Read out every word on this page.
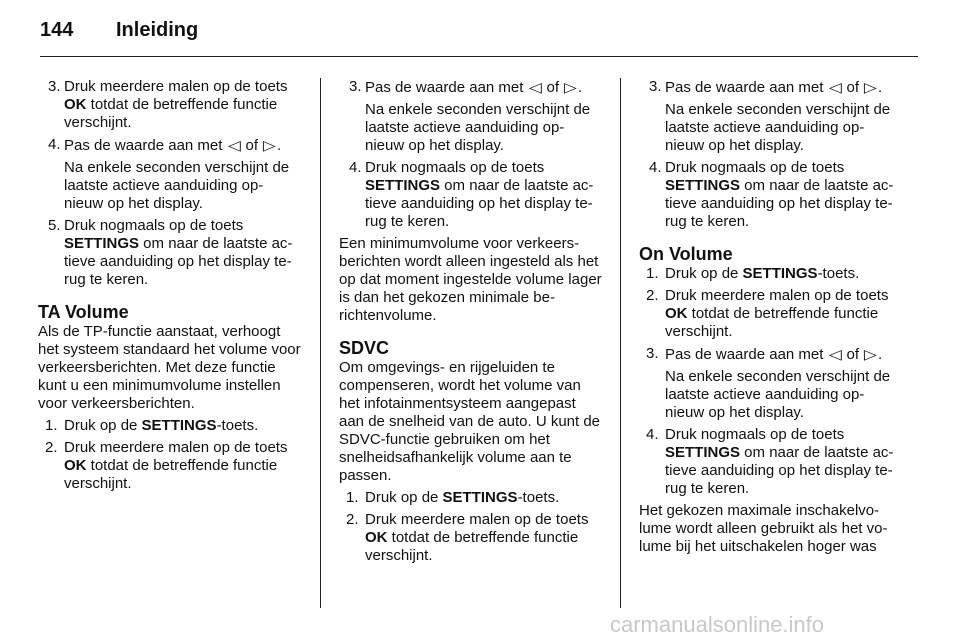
144 Inleiding
3. Druk meerdere malen op de toets OK totdat de betreffende functie verschijnt.

4. Pas de waarde aan met ◁ of ▷.

Na enkele seconden verschijnt de laatste actieve aanduiding op-nieuw op het display.

5. Druk nogmaals op de toets SETTINGS om naar de laatste ac-tieve aanduiding op het display te-rug te keren.

TA Volume

Als de TP-functie aanstaat, verhoogt het systeem standaard het volume voor verkeersberichten. Met deze functie kunt u een minimumvolume instellen voor verkeersberichten.

1. Druk op de SETTINGS-toets.

2. Druk meerdere malen op de toets OK totdat de betreffende functie verschijnt.

3. Pas de waarde aan met ◁ of ▷.

Na enkele seconden verschijnt de laatste actieve aanduiding op-nieuw op het display.

4. Druk nogmaals op de toets SETTINGS om naar de laatste ac-tieve aanduiding op het display te-rug te keren.

Een minimumvolume voor verkeers-berichten wordt alleen ingesteld als het op dat moment ingestelde volume lager is dan het gekozen minimale be-richtenvolume.

SDVC

Om omgevings- en rijgeluiden te compenseren, wordt het volume van het infotainmentsysteem aangepast aan de snelheid van de auto. U kunt de SDVC-functie gebruiken om het snelheidsafhankelijk volume aan te passen.

1. Druk op de SETTINGS-toets.

2. Druk meerdere malen op de toets OK totdat de betreffende functie verschijnt.

3. Pas de waarde aan met ◁ of ▷.

Na enkele seconden verschijnt de laatste actieve aanduiding op-nieuw op het display.

4. Druk nogmaals op de toets SETTINGS om naar de laatste ac-tieve aanduiding op het display te-rug te keren.

On Volume
1. Druk op de SETTINGS-toets.

2. Druk meerdere malen op de toets OK totdat de betreffende functie verschijnt.

3. Pas de waarde aan met ◁ of ▷.

Na enkele seconden verschijnt de laatste actieve aanduiding op-nieuw op het display.

4. Druk nogmaals op de toets SETTINGS om naar de laatste ac-tieve aanduiding op het display te-rug te keren.

Het gekozen maximale inschakelvo-lume wordt alleen gebruikt als het vo-lume bij het uitschakelen hoger was

carmanualsonline.info
